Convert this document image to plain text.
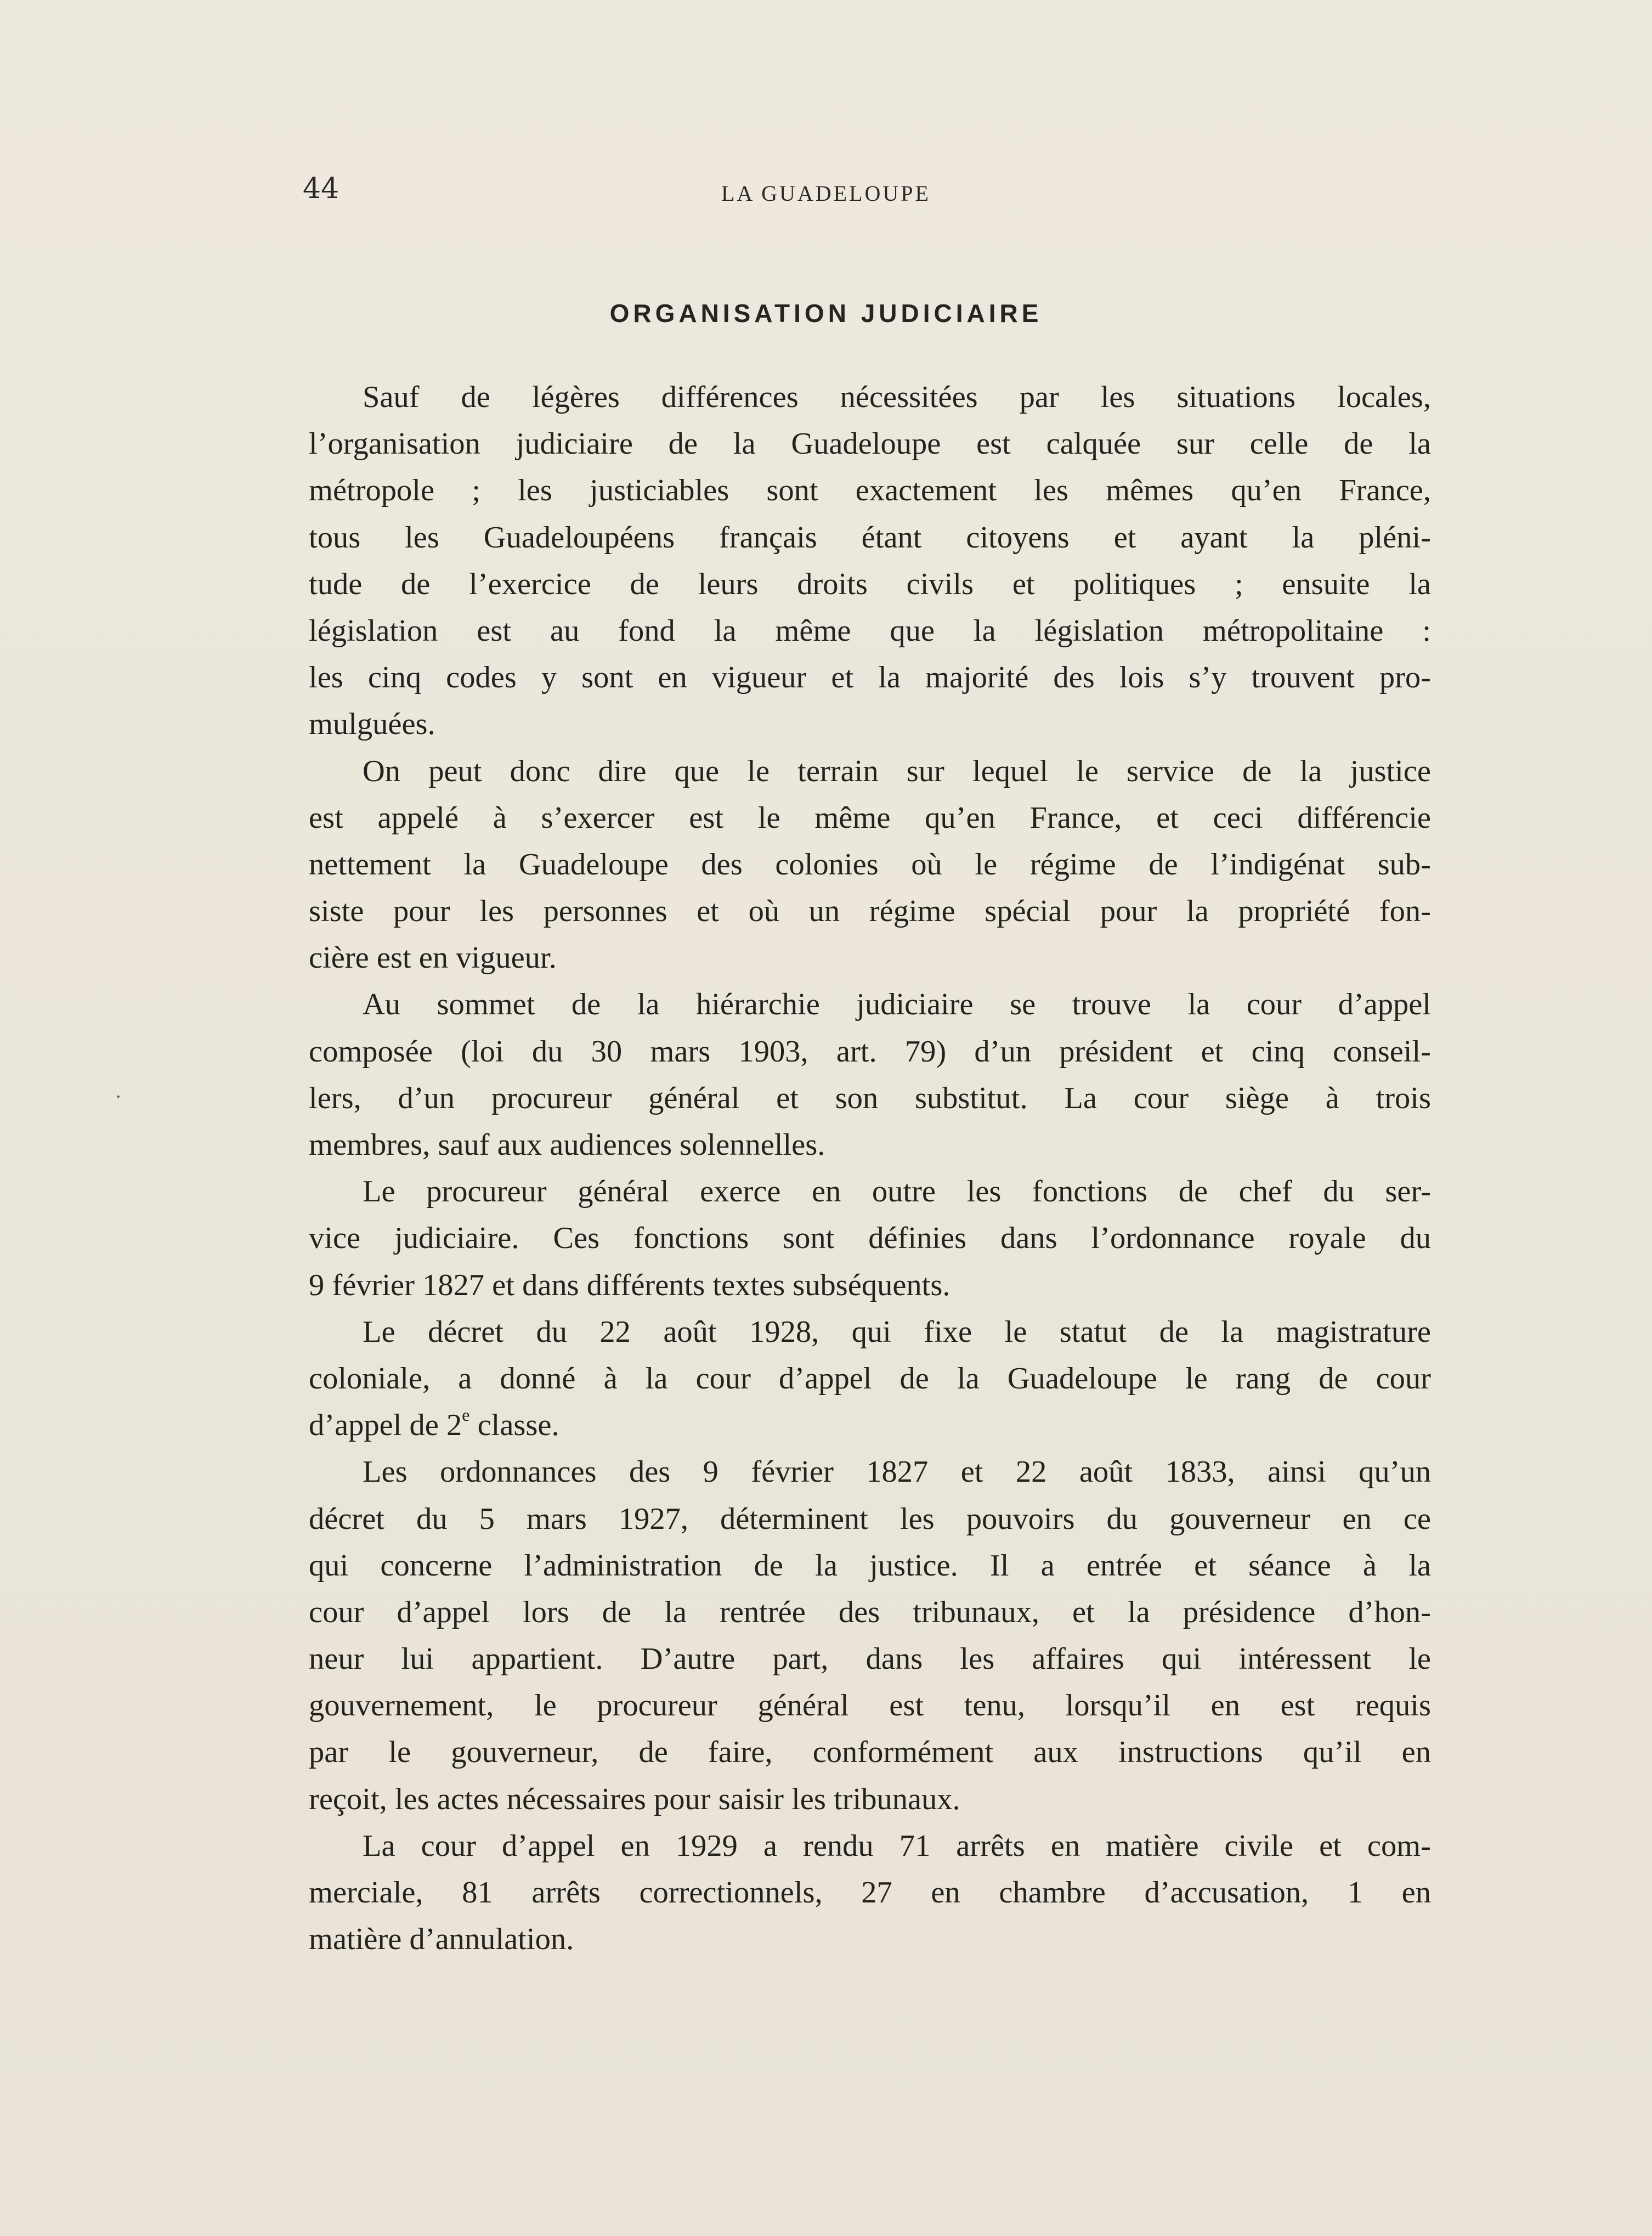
44	LA GUADELOUPE
ORGANISATION JUDICIAIRE
Sauf de légères différences nécessitées par les situations locales,
l’organisation judiciaire de la Guadeloupe est calquée sur celle de la
métropole ; les justiciables sont exactement les mêmes qu’en France,
tous les Guadeloupéens français étant citoyens et ayant la pléni-
tude de l’exercice de leurs droits civils et politiques ; ensuite la
législation est au fond la même que la législation métropolitaine :
les cinq codes y sont en vigueur et la majorité des lois s’y trouvent pro-
mulguées.
On peut donc dire que le terrain sur lequel le service de la justice
est appelé à s’exercer est le même qu’en France, et ceci différencie
nettement la Guadeloupe des colonies où le régime de l’indigénat sub-
siste pour les personnes et où un régime spécial pour la propriété fon-
cière est en vigueur.
Au sommet de la hiérarchie judiciaire se trouve la cour d’appel
composée (loi du 30 mars 1903, art. 79) d’un président et cinq conseil-
lers, d’un procureur général et son substitut. La cour siège à trois
membres, sauf aux audiences solennelles.
Le procureur général exerce en outre les fonctions de chef du ser-
vice judiciaire. Ces fonctions sont définies dans l’ordonnance royale du
9 février 1827 et dans différents textes subséquents.
Le décret du 22 août 1928, qui fixe le statut de la magistrature
coloniale, a donné à la cour d’appel de la Guadeloupe le rang de cour
d’appel de 2e classe.
Les ordonnances des 9 février 1827 et 22 août 1833, ainsi qu’un
décret du 5 mars 1927, déterminent les pouvoirs du gouverneur en ce
qui concerne l’administration de la justice. Il a entrée et séance à la
cour d’appel lors de la rentrée des tribunaux, et la présidence d’hon-
neur lui appartient. D’autre part, dans les affaires qui intéressent le
gouvernement, le procureur général est tenu, lorsqu’il en est requis
par le gouverneur, de faire, conformément aux instructions qu’il en
reçoit, les actes nécessaires pour saisir les tribunaux.
La cour d’appel en 1929 a rendu 71 arrêts en matière civile et com-
merciale, 81 arrêts correctionnels, 27 en chambre d’accusation, 1 en
matière d’annulation.
